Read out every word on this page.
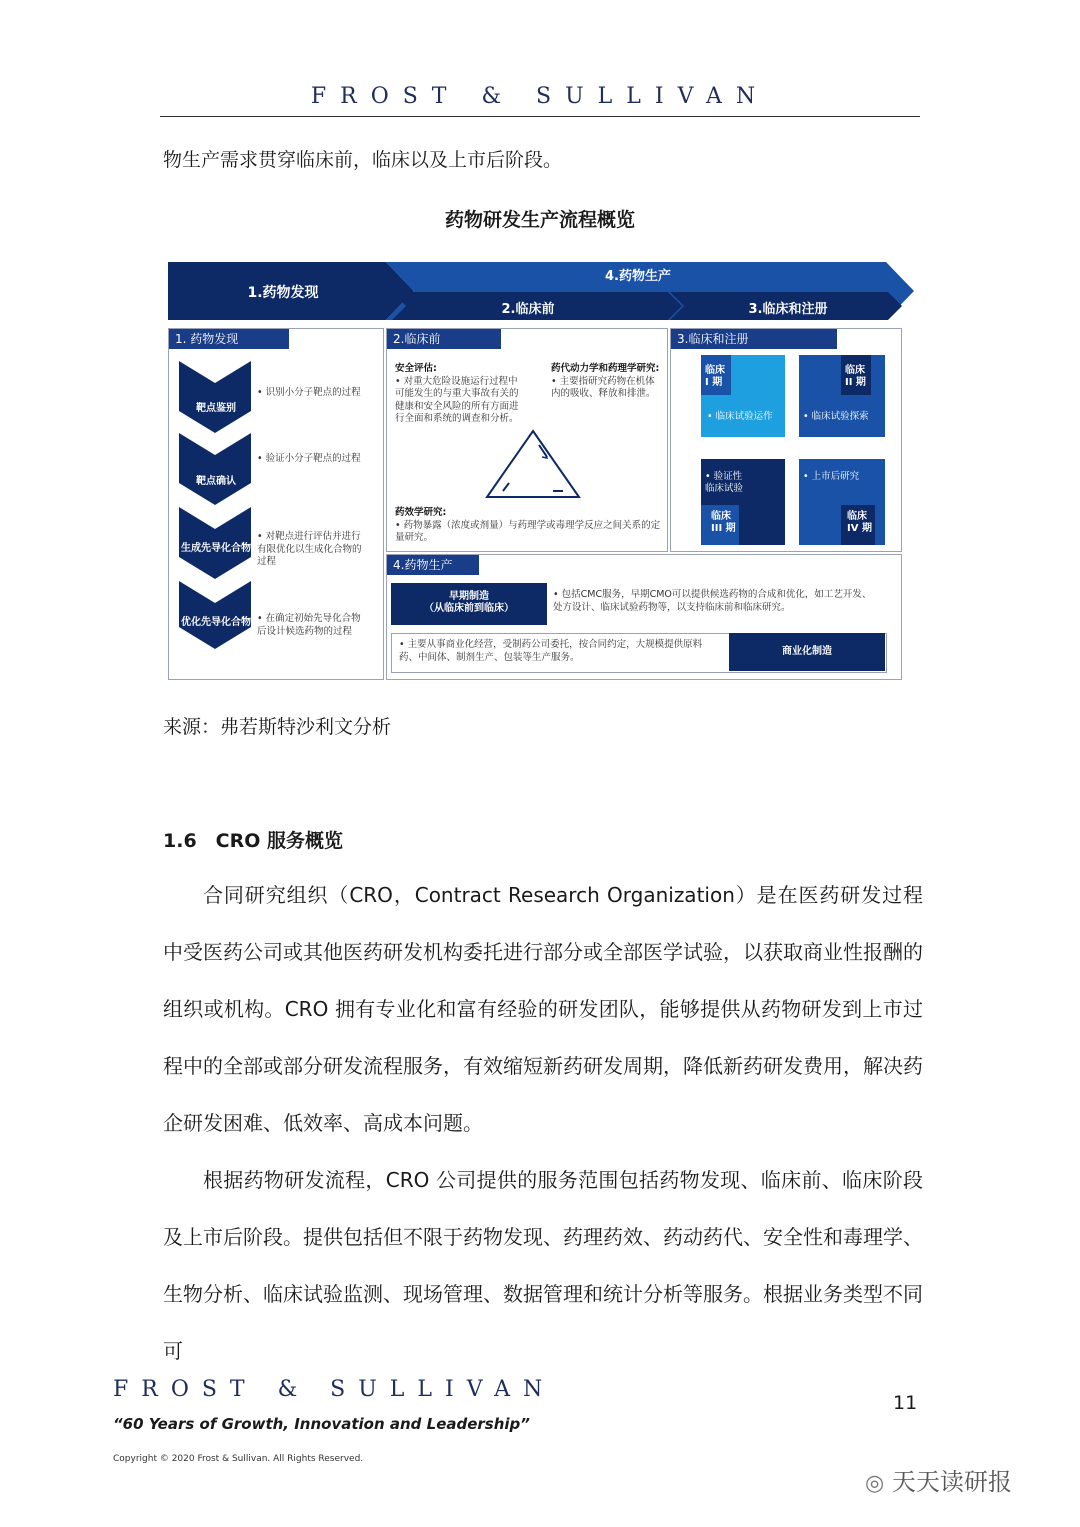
FROST & SULLIVAN
物生产需求贯穿临床前，临床以及上市后阶段。
药物研发生产流程概览
1.药物发现
4.药物生产
2.临床前	3.临床和注册
1. 药物发现
靶点鉴别
靶点确认
生成先导化合物
优化先导化合物
• 识别小分子靶点的过程
• 验证小分子靶点的过程
• 对靶点进行评估并进行有限优化以生成化合物的过程
• 在确定初始先导化合物后设计候选药物的过程
2.临床前
安全评估:
• 对重大危险设施运行过程中可能发生的与重大事故有关的健康和安全风险的所有方面进行全面和系统的调查和分析。
药代动力学和药理学研究:
• 主要指研究药物在机体内的吸收、释放和排泄。
药效学研究:
• 药物暴露（浓度或剂量）与药理学或毒理学反应之间关系的定量研究。
3.临床和注册
临床
I 期
• 临床试验运作
临床
II 期
• 临床试验探索
临床
III 期
• 验证性
临床试验
临床
IV 期
• 上市后研究
4.药物生产
早期制造
（从临床前到临床）
• 包括CMC服务，早期CMO可以提供候选药物的合成和优化，如工艺开发、处方设计、临床试验药物等，以支持临床前和临床研究。
• 主要从事商业化经营，受制药公司委托，按合同约定，大规模提供原料药、中间体、制剂生产、包装等生产服务。	商业化制造
来源：弗若斯特沙利文分析
1.6　CRO 服务概览

合同研究组织（CRO，Contract Research Organization）是在医药研发过程中受医药公司或其他医药研发机构委托进行部分或全部医学试验，以获取商业性报酬的组织或机构。CRO 拥有专业化和富有经验的研发团队，能够提供从药物研发到上市过程中的全部或部分研发流程服务，有效缩短新药研发周期，降低新药研发费用，解决药企研发困难、低效率、高成本问题。

根据药物研发流程，CRO 公司提供的服务范围包括药物发现、临床前、临床阶段及上市后阶段。提供包括但不限于药物发现、药理药效、药动药代、安全性和毒理学、生物分析、临床试验监测、现场管理、数据管理和统计分析等服务。根据业务类型不同可

FROST & SULLIVAN
“60 Years of Growth, Innovation and Leadership”
Copyright © 2020 Frost & Sullivan. All Rights Reserved.
11
◎ 天天读研报
